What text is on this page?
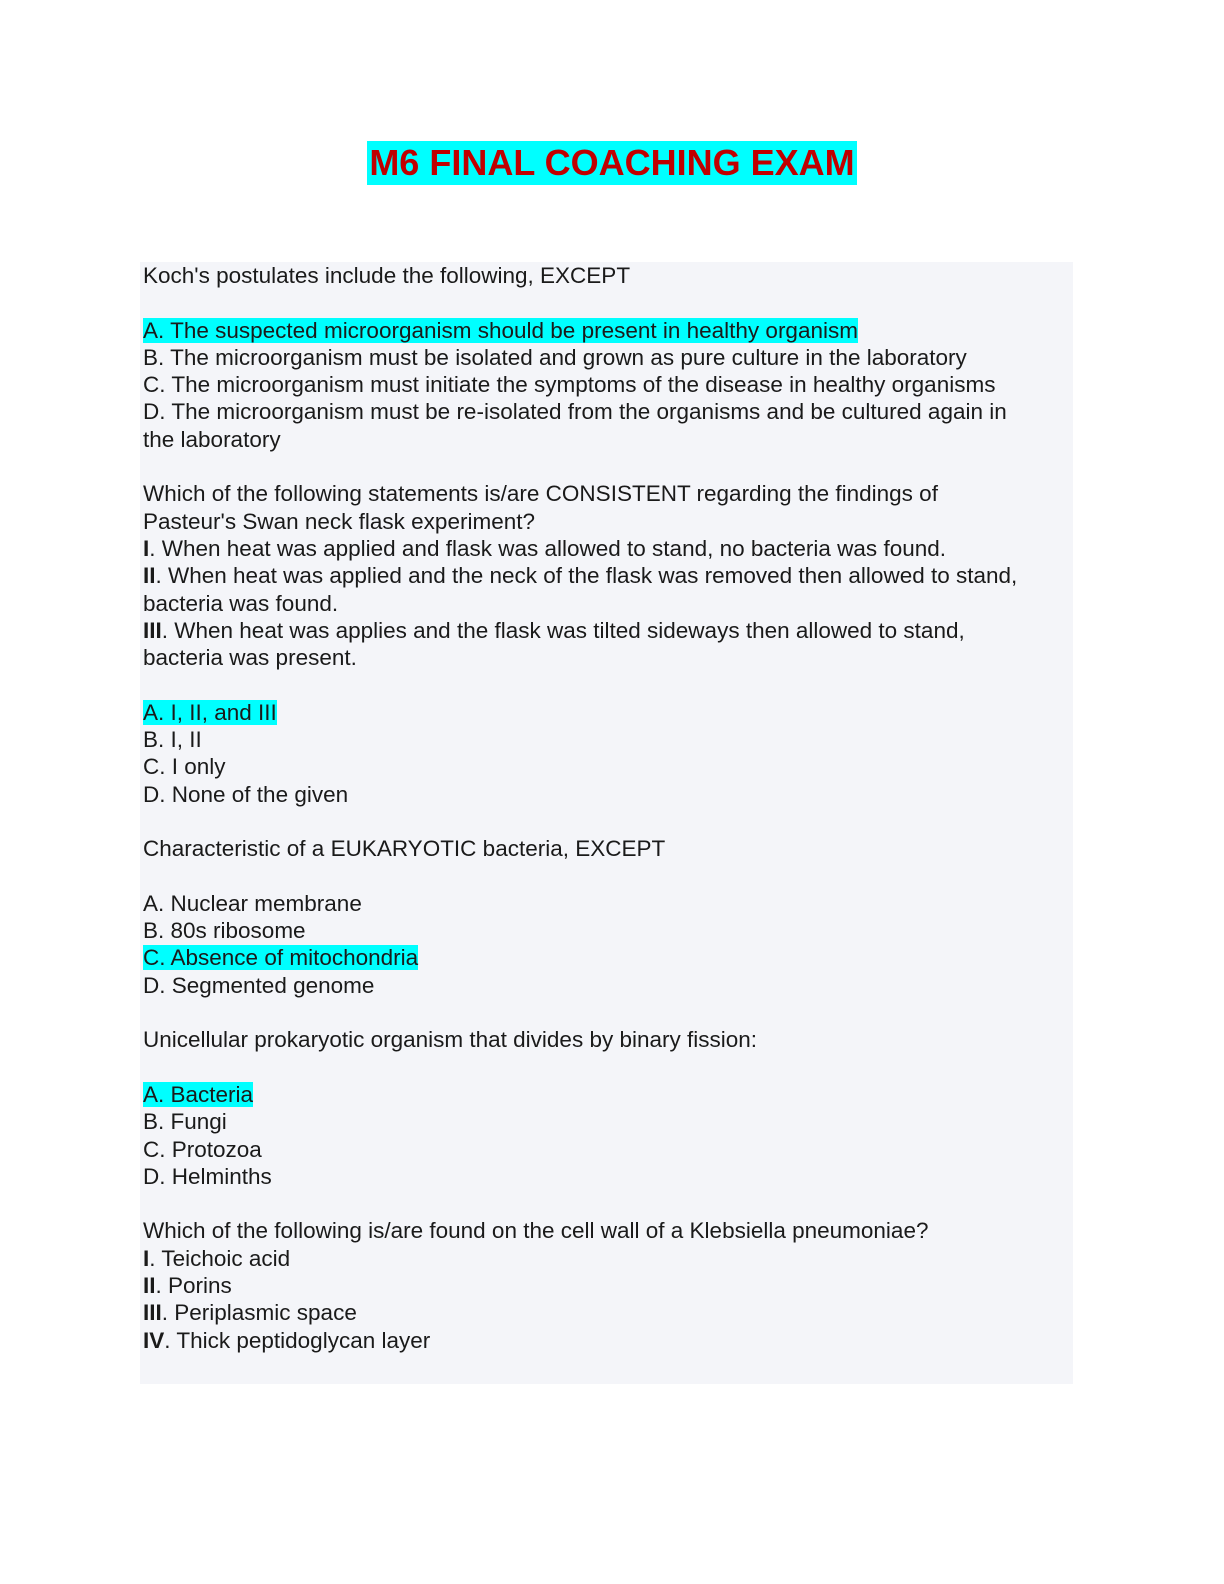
M6 FINAL COACHING EXAM
Koch's postulates include the following, EXCEPT
A. The suspected microorganism should be present in healthy organism
B. The microorganism must be isolated and grown as pure culture in the laboratory
C. The microorganism must initiate the symptoms of the disease in healthy organisms
D. The microorganism must be re-isolated from the organisms and be cultured again in
the laboratory
Which of the following statements is/are CONSISTENT regarding the findings of
Pasteur's Swan neck flask experiment?
I. When heat was applied and flask was allowed to stand, no bacteria was found.
II. When heat was applied and the neck of the flask was removed then allowed to stand,
bacteria was found.
III. When heat was applies and the flask was tilted sideways then allowed to stand,
bacteria was present.
A. I, II, and III
B. I, II
C. I only
D. None of the given
Characteristic of a EUKARYOTIC bacteria, EXCEPT
A. Nuclear membrane
B. 80s ribosome
C. Absence of mitochondria
D. Segmented genome
Unicellular prokaryotic organism that divides by binary fission:
A. Bacteria
B. Fungi
C. Protozoa
D. Helminths
Which of the following is/are found on the cell wall of a Klebsiella pneumoniae?
I. Teichoic acid
II. Porins
III. Periplasmic space
IV. Thick peptidoglycan layer
